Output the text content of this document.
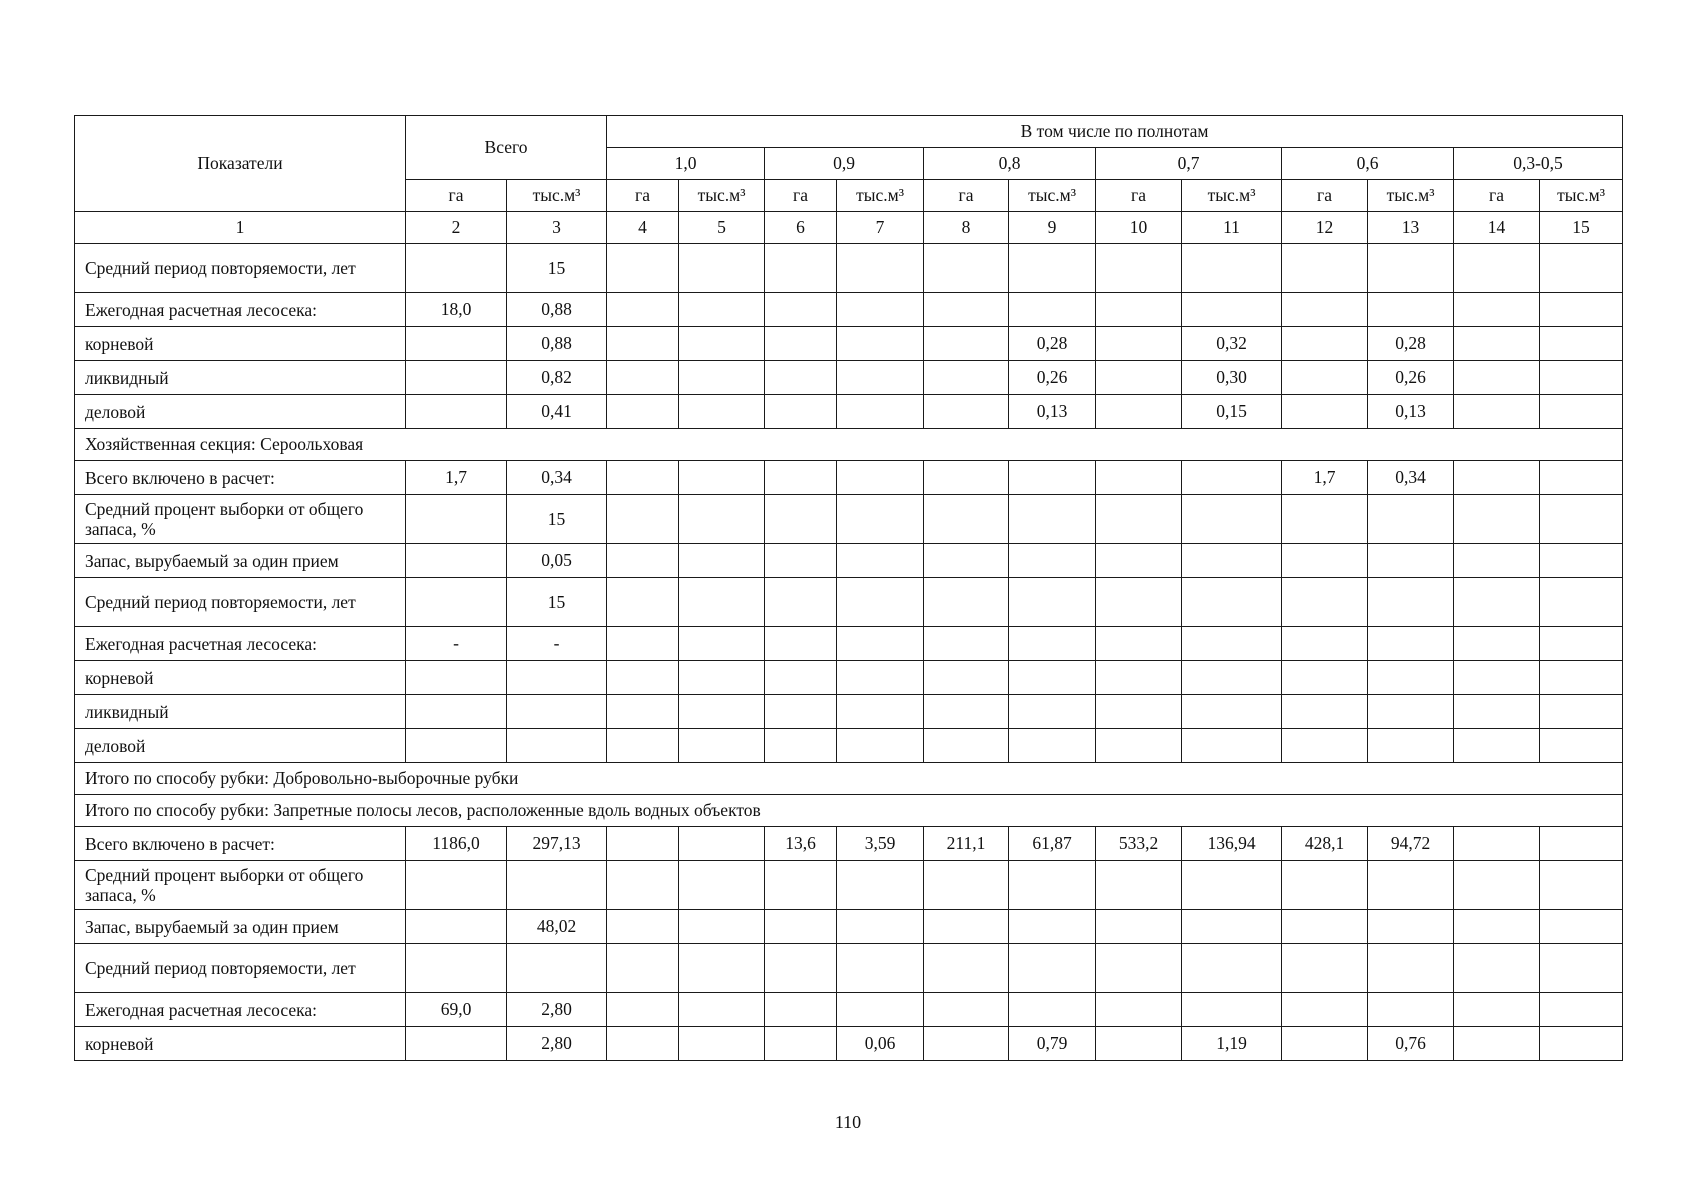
Показатели	Всего		В том числе по полнотам											
			1,0		0,9		0,8		0,7		0,6		0,3-0,5	
	га	тыс.м³	га	тыс.м³	га	тыс.м³	га	тыс.м³	га	тыс.м³	га	тыс.м³	га	тыс.м³
1	2	3	4	5	6	7	8	9	10	11	12	13	14	15
Средний период повторяемости, лет		15												
Ежегодная расчетная лесосека:	18,0	0,88												
корневой		0,88						0,28		0,32		0,28		
ликвидный		0,82						0,26		0,30		0,26		
деловой		0,41						0,13		0,15		0,13		
Хозяйственная секция: Сероольховая														
Всего включено в расчет:	1,7	0,34									1,7	0,34		
Средний процент выборки от общего запаса, %		15												
Запас, вырубаемый за один прием		0,05												
Средний период повторяемости, лет		15												
Ежегодная расчетная лесосека:	-	-												
корневой														
ликвидный														
деловой														
Итого по способу рубки: Добровольно-выборочные рубки														
Итого по способу рубки: Запретные полосы лесов, расположенные вдоль водных объектов														
Всего включено в расчет:	1186,0	297,13			13,6	3,59	211,1	61,87	533,2	136,94	428,1	94,72		
Средний процент выборки от общего запаса, %														
Запас, вырубаемый за один прием		48,02												
Средний период повторяемости, лет														
Ежегодная расчетная лесосека:	69,0	2,80												
корневой		2,80				0,06		0,79		1,19		0,76		
110
